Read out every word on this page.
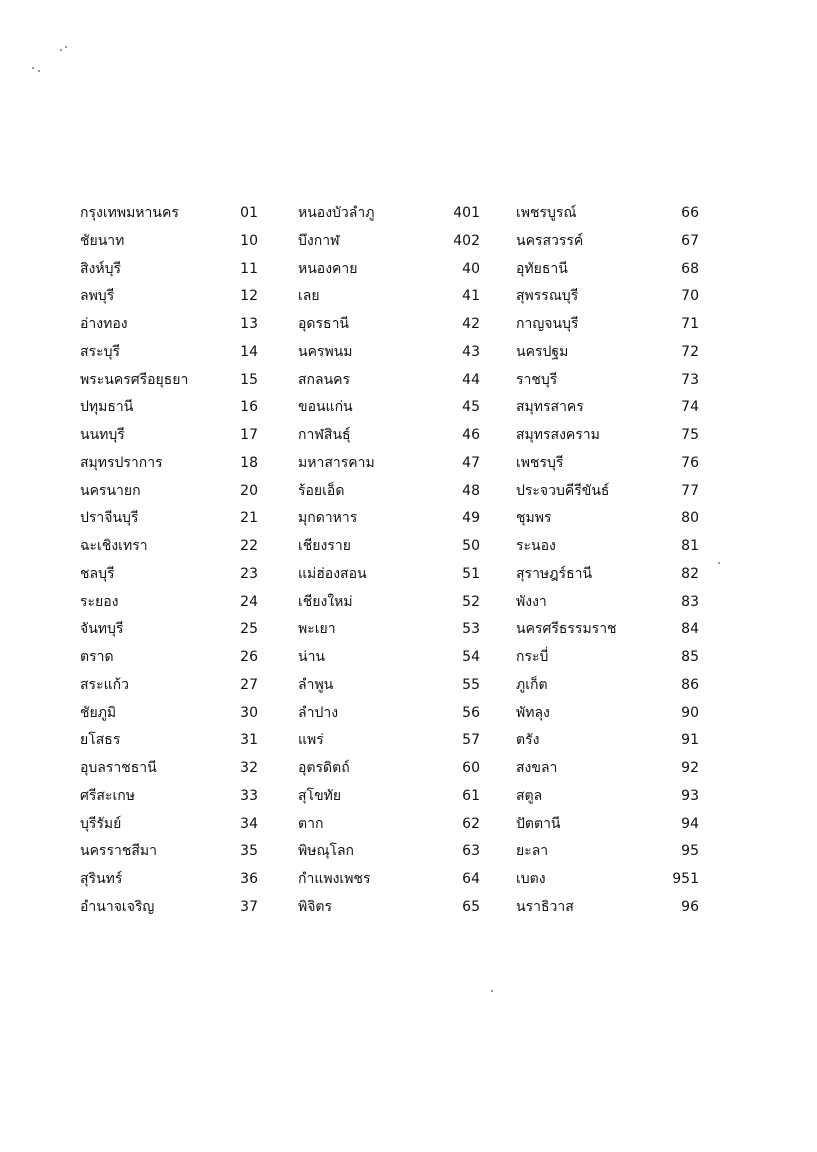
กรุงเทพมหานคร	01	หนองบัวลำภู	401	เพชรบูรณ์	66
ชัยนาท	10	บึงกาฬ	402	นครสวรรค์	67
สิงห์บุรี	11	หนองคาย	40	อุทัยธานี	68
ลพบุรี	12	เลย	41	สุพรรณบุรี	70
อ่างทอง	13	อุดรธานี	42	กาญจนบุรี	71
สระบุรี	14	นครพนม	43	นครปฐม	72
พระนครศรีอยุธยา	15	สกลนคร	44	ราชบุรี	73
ปทุมธานี	16	ขอนแก่น	45	สมุทรสาคร	74
นนทบุรี	17	กาฬสินธุ์	46	สมุทรสงคราม	75
สมุทรปราการ	18	มหาสารคาม	47	เพชรบุรี	76
นครนายก	20	ร้อยเอ็ด	48	ประจวบคีรีขันธ์	77
ปราจีนบุรี	21	มุกดาหาร	49	ชุมพร	80
ฉะเชิงเทรา	22	เชียงราย	50	ระนอง	81
ชลบุรี	23	แม่ฮ่องสอน	51	สุราษฎร์ธานี	82
ระยอง	24	เชียงใหม่	52	พังงา	83
จันทบุรี	25	พะเยา	53	นครศรีธรรมราช	84
ตราด	26	น่าน	54	กระบี่	85
สระแก้ว	27	ลำพูน	55	ภูเก็ต	86
ชัยภูมิ	30	ลำปาง	56	พัทลุง	90
ยโสธร	31	แพร่	57	ตรัง	91
อุบลราชธานี	32	อุตรดิตถ์	60	สงขลา	92
ศรีสะเกษ	33	สุโขทัย	61	สตูล	93
บุรีรัมย์	34	ตาก	62	ปัตตานี	94
นครราชสีมา	35	พิษณุโลก	63	ยะลา	95
สุรินทร์	36	กำแพงเพชร	64	เบตง	951
อำนาจเจริญ	37	พิจิตร	65	นราธิวาส	96
